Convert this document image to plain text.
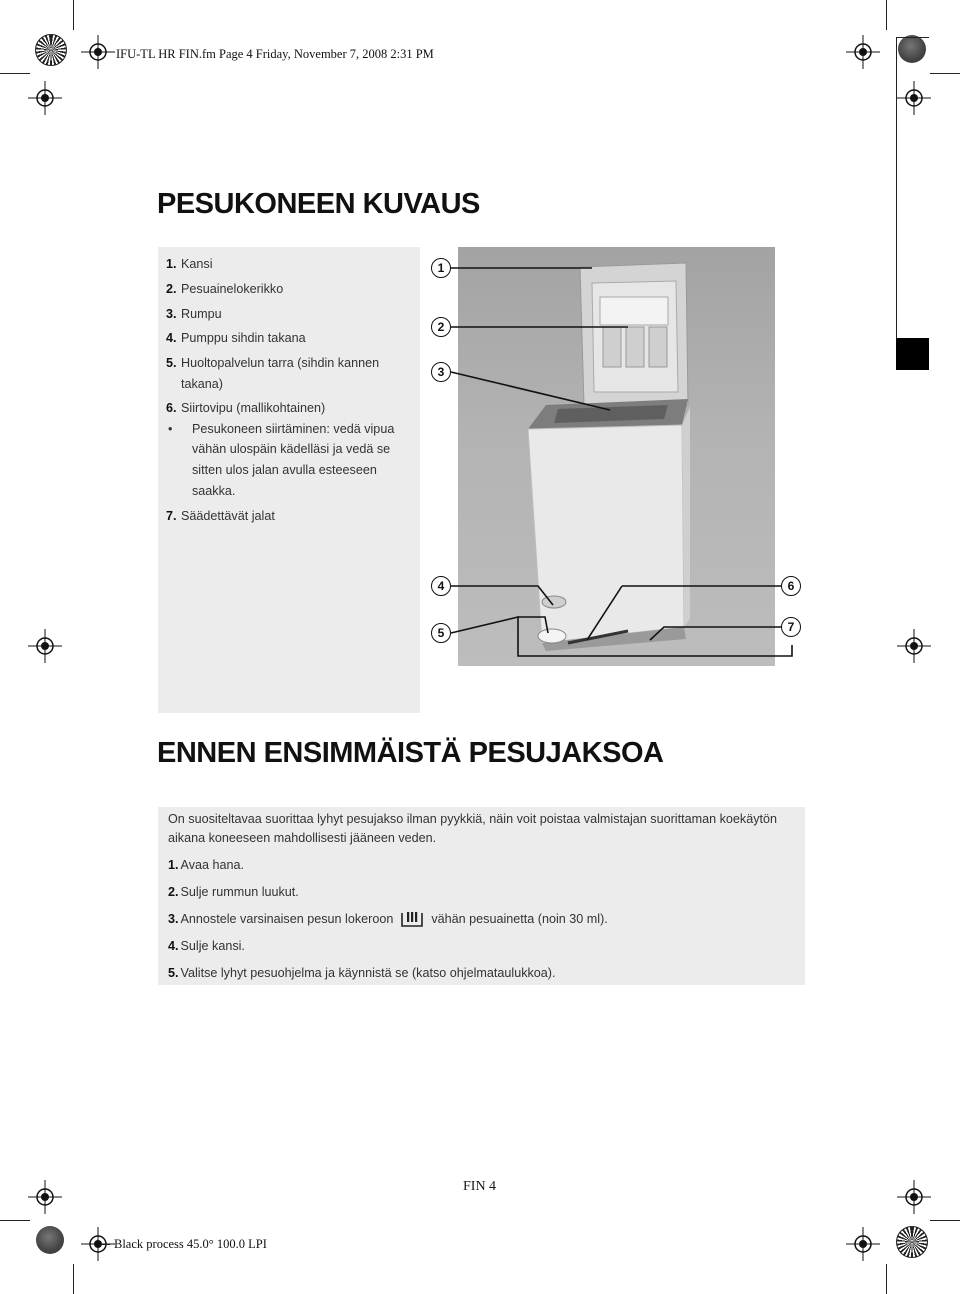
IFU-TL HR FIN.fm Page 4 Friday, November 7, 2008 2:31 PM
PESUKONEEN KUVAUS
1. Kansi
2. Pesuainelokerikko
3. Rumpu
4. Pumppu sihdin takana
5. Huoltopalvelun tarra (sihdin kannen takana)
6. Siirtovipu (mallikohtainen)
•	Pesukoneen siirtäminen: vedä vipua vähän ulospäin kädelläsi ja vedä se sitten ulos jalan avulla esteeseen saakka.
7. Säädettävät jalat
1
2
3
4
5
6
7
ENNEN ENSIMMÄISTÄ PESUJAKSOA
On suositeltavaa suorittaa lyhyt pesujakso ilman pyykkiä, näin voit poistaa valmistajan suorittaman koekäytön aikana koneeseen mahdollisesti jääneen veden.
1. Avaa hana.
2. Sulje rummun luukut.
3. Annostele varsinaisen pesun lokeroon	vähän pesuainetta (noin 30 ml).
4. Sulje kansi.
5. Valitse lyhyt pesuohjelma ja käynnistä se (katso ohjelmataulukkoa).
FIN 4
Black process 45.0° 100.0 LPI
